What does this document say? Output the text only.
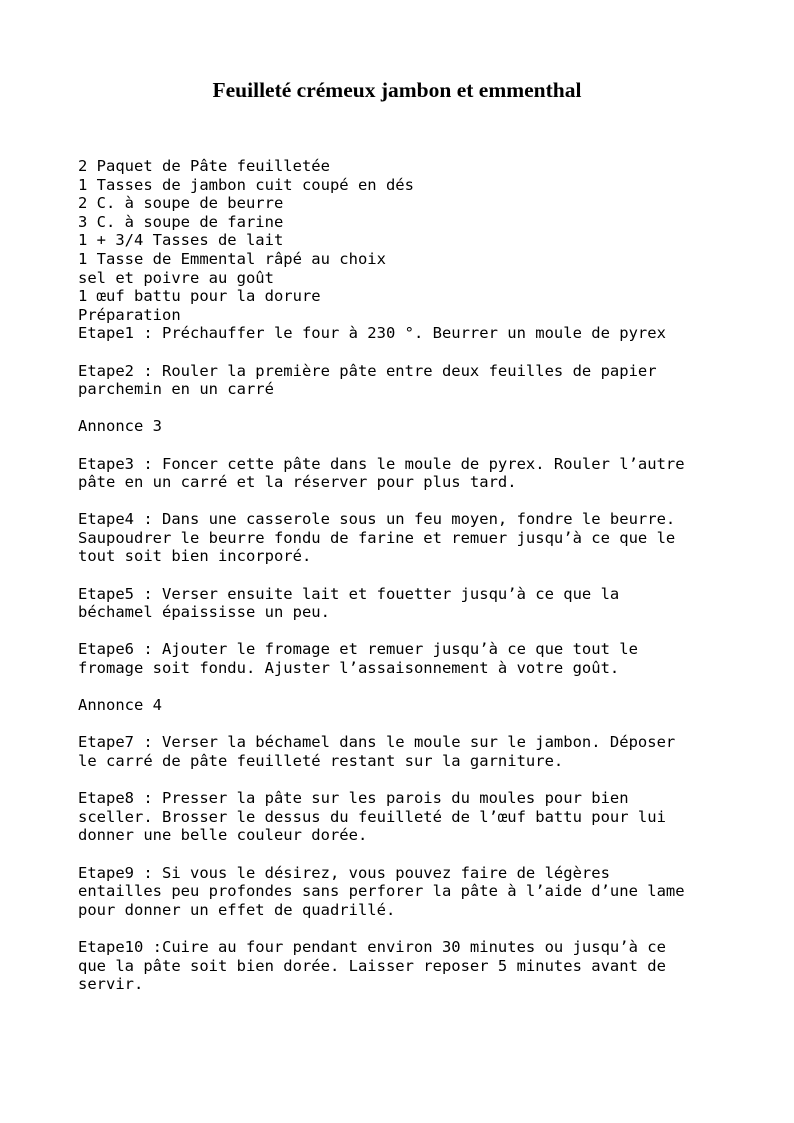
Feuilleté crémeux jambon et emmenthal
2 Paquet de Pâte feuilletée
1 Tasses de jambon cuit coupé en dés
2 C. à soupe de beurre
3 C. à soupe de farine
1 + 3/4 Tasses de lait
1 Tasse de Emmental râpé au choix
sel et poivre au goût
1 œuf battu pour la dorure
Préparation
Etape1 : Préchauffer le four à 230 °. Beurrer un moule de pyrex
Etape2 : Rouler la première pâte entre deux feuilles de papier
parchemin en un carré
Annonce 3
Etape3 : Foncer cette pâte dans le moule de pyrex. Rouler l’autre
pâte en un carré et la réserver pour plus tard.
Etape4 : Dans une casserole sous un feu moyen, fondre le beurre.
Saupoudrer le beurre fondu de farine et remuer jusqu’à ce que le
tout soit bien incorporé.
Etape5 : Verser ensuite lait et fouetter jusqu’à ce que la
béchamel épaississe un peu.
Etape6 : Ajouter le fromage et remuer jusqu’à ce que tout le
fromage soit fondu. Ajuster l’assaisonnement à votre goût.
Annonce 4
Etape7 : Verser la béchamel dans le moule sur le jambon. Déposer
le carré de pâte feuilleté restant sur la garniture.
Etape8 : Presser la pâte sur les parois du moules pour bien
sceller. Brosser le dessus du feuilleté de l’œuf battu pour lui
donner une belle couleur dorée.
Etape9 : Si vous le désirez, vous pouvez faire de légères
entailles peu profondes sans perforer la pâte à l’aide d’une lame
pour donner un effet de quadrillé.
Etape10 :Cuire au four pendant environ 30 minutes ou jusqu’à ce
que la pâte soit bien dorée. Laisser reposer 5 minutes avant de
servir.
